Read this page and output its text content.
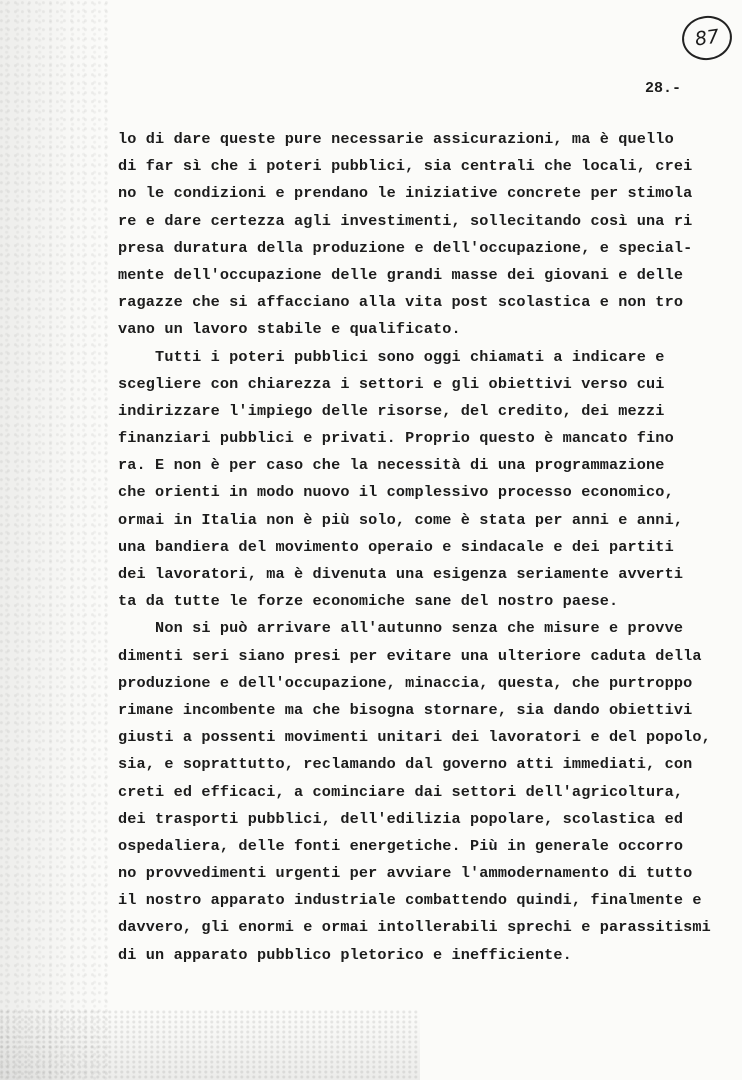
87
28.-
lo di dare queste pure necessarie assicurazioni, ma è quello
di far sì che i poteri pubblici, sia centrali che locali, crei
no le condizioni e prendano le iniziative concrete per stimola
re e dare certezza agli investimenti, sollecitando così una ri
presa duratura della produzione e dell'occupazione, e special-
mente dell'occupazione delle grandi masse dei giovani e delle
ragazze che si affacciano alla vita post scolastica e non tro
vano un lavoro stabile e qualificato.
Tutti i poteri pubblici sono oggi chiamati a indicare e
scegliere con chiarezza i settori e gli obiettivi verso cui
indirizzare l'impiego delle risorse, del credito, dei mezzi
finanziari pubblici e privati. Proprio questo è mancato fino
ra. E non è per caso che la necessità di una programmazione
che orienti in modo nuovo il complessivo processo economico,
ormai in Italia non è più solo, come è stata per anni e anni,
una bandiera del movimento operaio e sindacale e dei partiti
dei lavoratori, ma è divenuta una esigenza seriamente avverti
ta da tutte le forze economiche sane del nostro paese.
Non si può arrivare all'autunno senza che misure e provve
dimenti seri siano presi per evitare una ulteriore caduta della
produzione e dell'occupazione, minaccia, questa, che purtroppo
rimane incombente ma che bisogna stornare, sia dando obiettivi
giusti a possenti movimenti unitari dei lavoratori e del popolo,
sia, e soprattutto, reclamando dal governo atti immediati, con
creti ed efficaci, a cominciare dai settori dell'agricoltura,
dei trasporti pubblici, dell'edilizia popolare, scolastica ed
ospedaliera, delle fonti energetiche. Più in generale occorro
no provvedimenti urgenti per avviare l'ammodernamento di tutto
il nostro apparato industriale combattendo quindi, finalmente e
davvero, gli enormi e ormai intollerabili sprechi e parassitismi
di un apparato pubblico pletorico e inefficiente.
